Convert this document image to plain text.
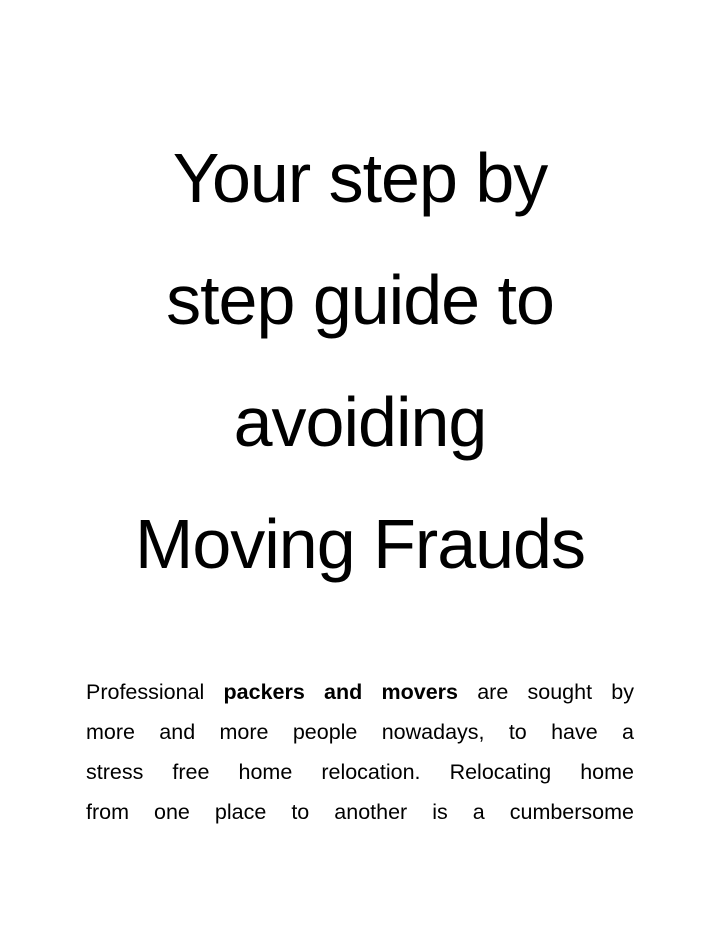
Your step by
step guide to
avoiding
Moving Frauds

Professional packers and movers are sought by
more and more people nowadays, to have a
stress free home relocation. Relocating home
from one place to another is a cumbersome
